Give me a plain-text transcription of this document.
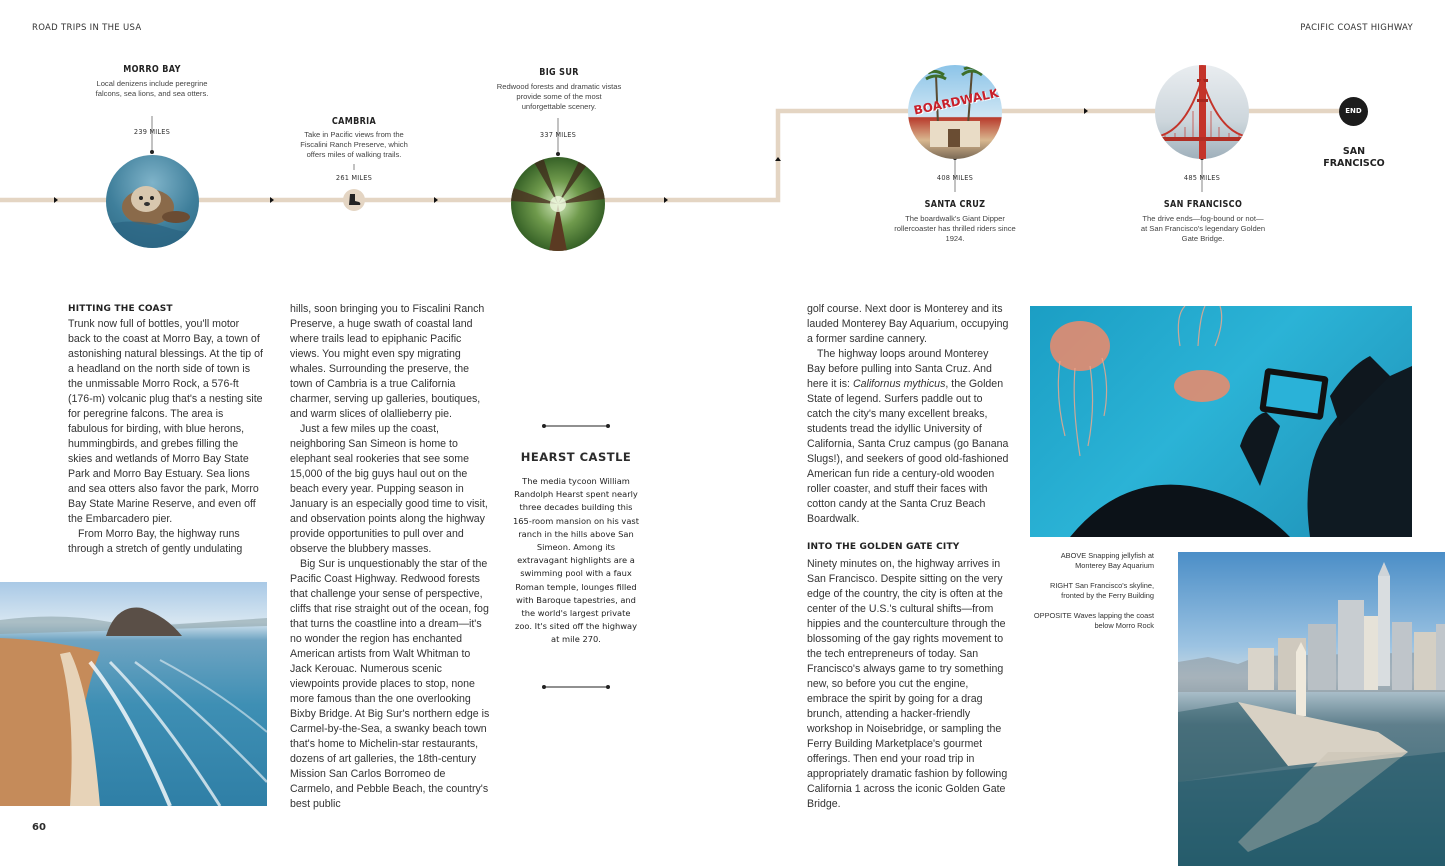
ROAD TRIPS IN THE USA	PACIFIC COAST HIGHWAY
MORRO BAY
Local denizens include peregrine falcons, sea lions, and sea otters.
239 MILES
CAMBRIA
Take in Pacific views from the Fiscalini Ranch Preserve, which offers miles of walking trails.
261 MILES
BIG SUR
Redwood forests and dramatic vistas provide some of the most unforgettable scenery.
337 MILES
BOARDWALK
408 MILES
SANTA CRUZ
The boardwalk's Giant Dipper rollercoaster has thrilled riders since 1924.
485 MILES
SAN FRANCISCO
The drive ends—fog-bound or not—at San Francisco's legendary Golden Gate Bridge.
END
SAN
FRANCISCO
HITTING THE COAST

Trunk now full of bottles, you'll motor back to the coast at Morro Bay, a town of astonishing natural blessings. At the tip of a headland on the north side of town is the unmissable Morro Rock, a 576-ft (176-m) volcanic plug that's a nesting site for peregrine falcons. The area is fabulous for birding, with blue herons, hummingbirds, and grebes filling the skies and wetlands of Morro Bay State Park and Morro Bay Estuary. Sea lions and sea otters also favor the park, Morro Bay State Marine Reserve, and even off the Embarcadero pier.

From Morro Bay, the highway runs through a stretch of gently undulating

hills, soon bringing you to Fiscalini Ranch Preserve, a huge swath of coastal land where trails lead to epiphanic Pacific views. You might even spy migrating whales. Surrounding the preserve, the town of Cambria is a true California charmer, serving up galleries, boutiques, and warm slices of olallieberry pie.

Just a few miles up the coast, neighboring San Simeon is home to elephant seal rookeries that see some 15,000 of the big guys haul out on the beach every year. Pupping season in January is an especially good time to visit, and observation points along the highway provide opportunities to pull over and observe the blubbery masses.

Big Sur is unquestionably the star of the Pacific Coast Highway. Redwood forests that challenge your sense of perspective, cliffs that rise straight out of the ocean, fog that turns the coastline into a dream—it's no wonder the region has enchanted American artists from Walt Whitman to Jack Kerouac. Numerous scenic viewpoints provide places to stop, none more famous than the one overlooking Bixby Bridge. At Big Sur's northern edge is Carmel-by-the-Sea, a swanky beach town that's home to Michelin-star restaurants, dozens of art galleries, the 18th-century Mission San Carlos Borromeo de Carmelo, and Pebble Beach, the country's best public

HEARST CASTLE
The media tycoon William Randolph Hearst spent nearly three decades building this 165-room mansion on his vast ranch in the hills above San Simeon. Among its extravagant highlights are a swimming pool with a faux Roman temple, lounges filled with Baroque tapestries, and the world's largest private zoo. It's sited off the highway at mile 270.

golf course. Next door is Monterey and its lauded Monterey Bay Aquarium, occupying a former sardine cannery.

The highway loops around Monterey Bay before pulling into Santa Cruz. And here it is: Californus mythicus, the Golden State of legend. Surfers paddle out to catch the city's many excellent breaks, students tread the idyllic University of California, Santa Cruz campus (go Banana Slugs!), and seekers of good old-fashioned American fun ride a century-old wooden roller coaster, and stuff their faces with cotton candy at the Santa Cruz Beach Boardwalk.

INTO THE GOLDEN GATE CITY

Ninety minutes on, the highway arrives in San Francisco. Despite sitting on the very edge of the country, the city is often at the center of the U.S.'s cultural shifts—from hippies and the counterculture through the blossoming of the gay rights movement to the tech entrepreneurs of today. San Francisco's always game to try something new, so before you cut the engine, embrace the spirit by going for a drag brunch, attending a hacker-friendly workshop in Noisebridge, or sampling the Ferry Building Marketplace's gourmet offerings. Then end your road trip in appropriately dramatic fashion by following California 1 across the iconic Golden Gate Bridge.

ABOVE Snapping jellyfish at Monterey Bay Aquarium

RIGHT San Francisco's skyline, fronted by the Ferry Building

OPPOSITE Waves lapping the coast below Morro Rock

60
